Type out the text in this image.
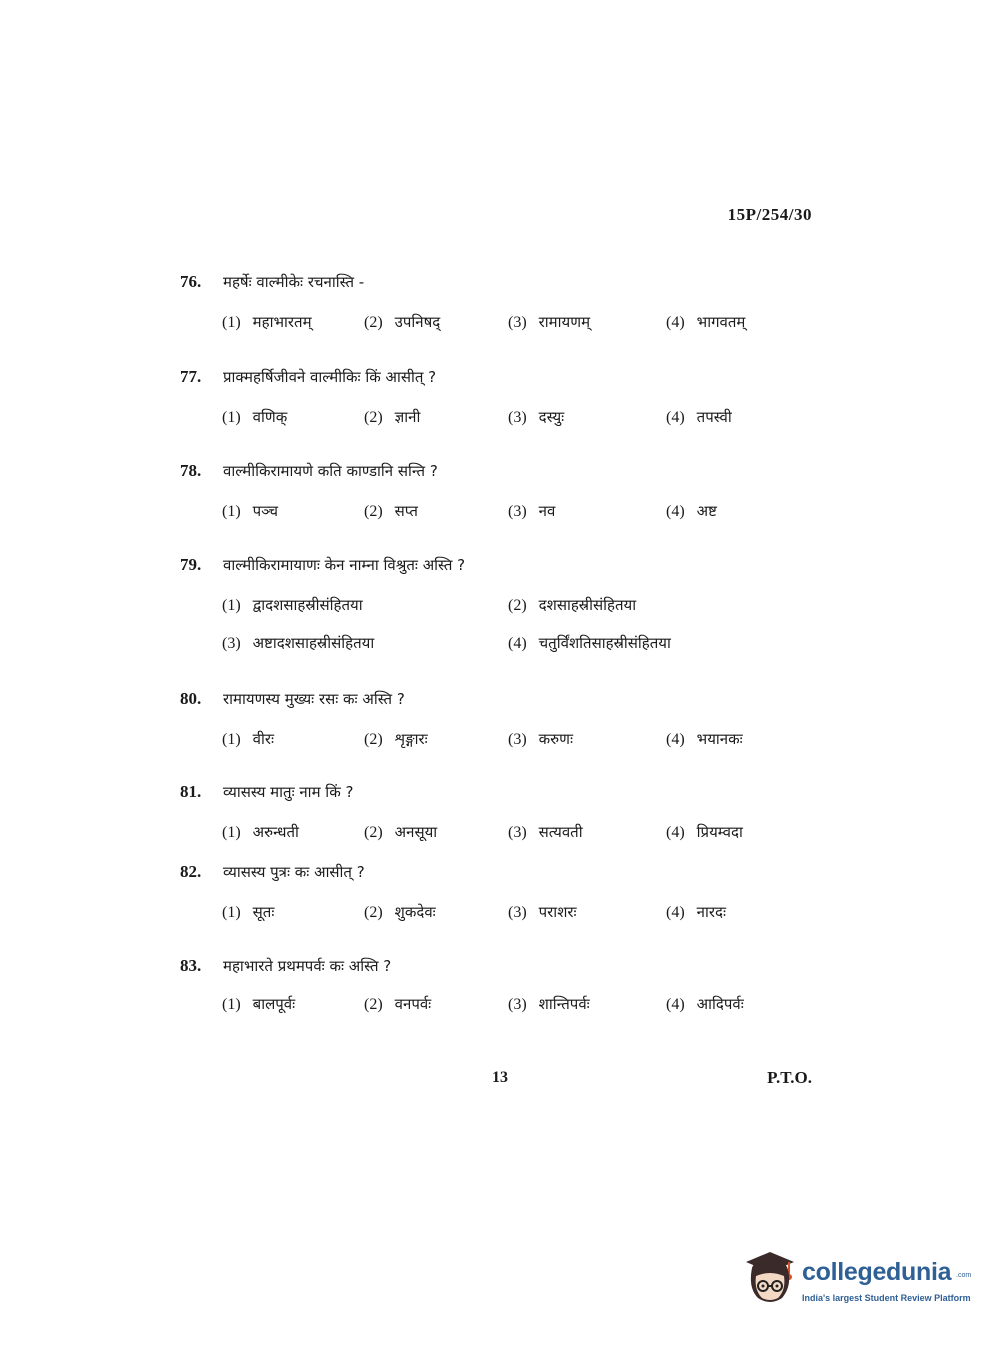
15P/254/30
76. महर्षेः वाल्मीकेः रचनास्ति -
(1) महाभारतम्	(2) उपनिषद्	(3) रामायणम्	(4) भागवतम्
77. प्राक्महर्षिजीवने वाल्मीकिः किं आसीत् ?
(1) वणिक्	(2) ज्ञानी	(3) दस्युः	(4) तपस्वी
78. वाल्मीकिरामायणे कति काण्डानि सन्ति ?
(1) पञ्च	(2) सप्त	(3) नव	(4) अष्ट
79. वाल्मीकिरामायाणः केन नाम्ना विश्रुतः अस्ति ?
(1) द्वादशसाहस्रीसंहितया	(2) दशसाहस्रीसंहितया
(3) अष्टादशसाहस्रीसंहितया	(4) चतुर्विंशतिसाहस्रीसंहितया
80. रामायणस्य मुख्यः रसः कः अस्ति ?
(1) वीरः	(2) शृङ्गारः	(3) करुणः	(4) भयानकः
81. व्यासस्य मातुः नाम किं ?
(1) अरुन्धती	(2) अनसूया	(3) सत्यवती	(4) प्रियम्वदा
82. व्यासस्य पुत्रः कः आसीत् ?
(1) सूतः	(2) शुकदेवः	(3) पराशरः	(4) नारदः
83. महाभारते प्रथमपर्वः कः अस्ति ?
(1) बालपूर्वः	(2) वनपर्वः	(3) शान्तिपर्वः	(4) आदिपर्वः
13	P.T.O.
collegedunia .com
India's largest Student Review Platform
